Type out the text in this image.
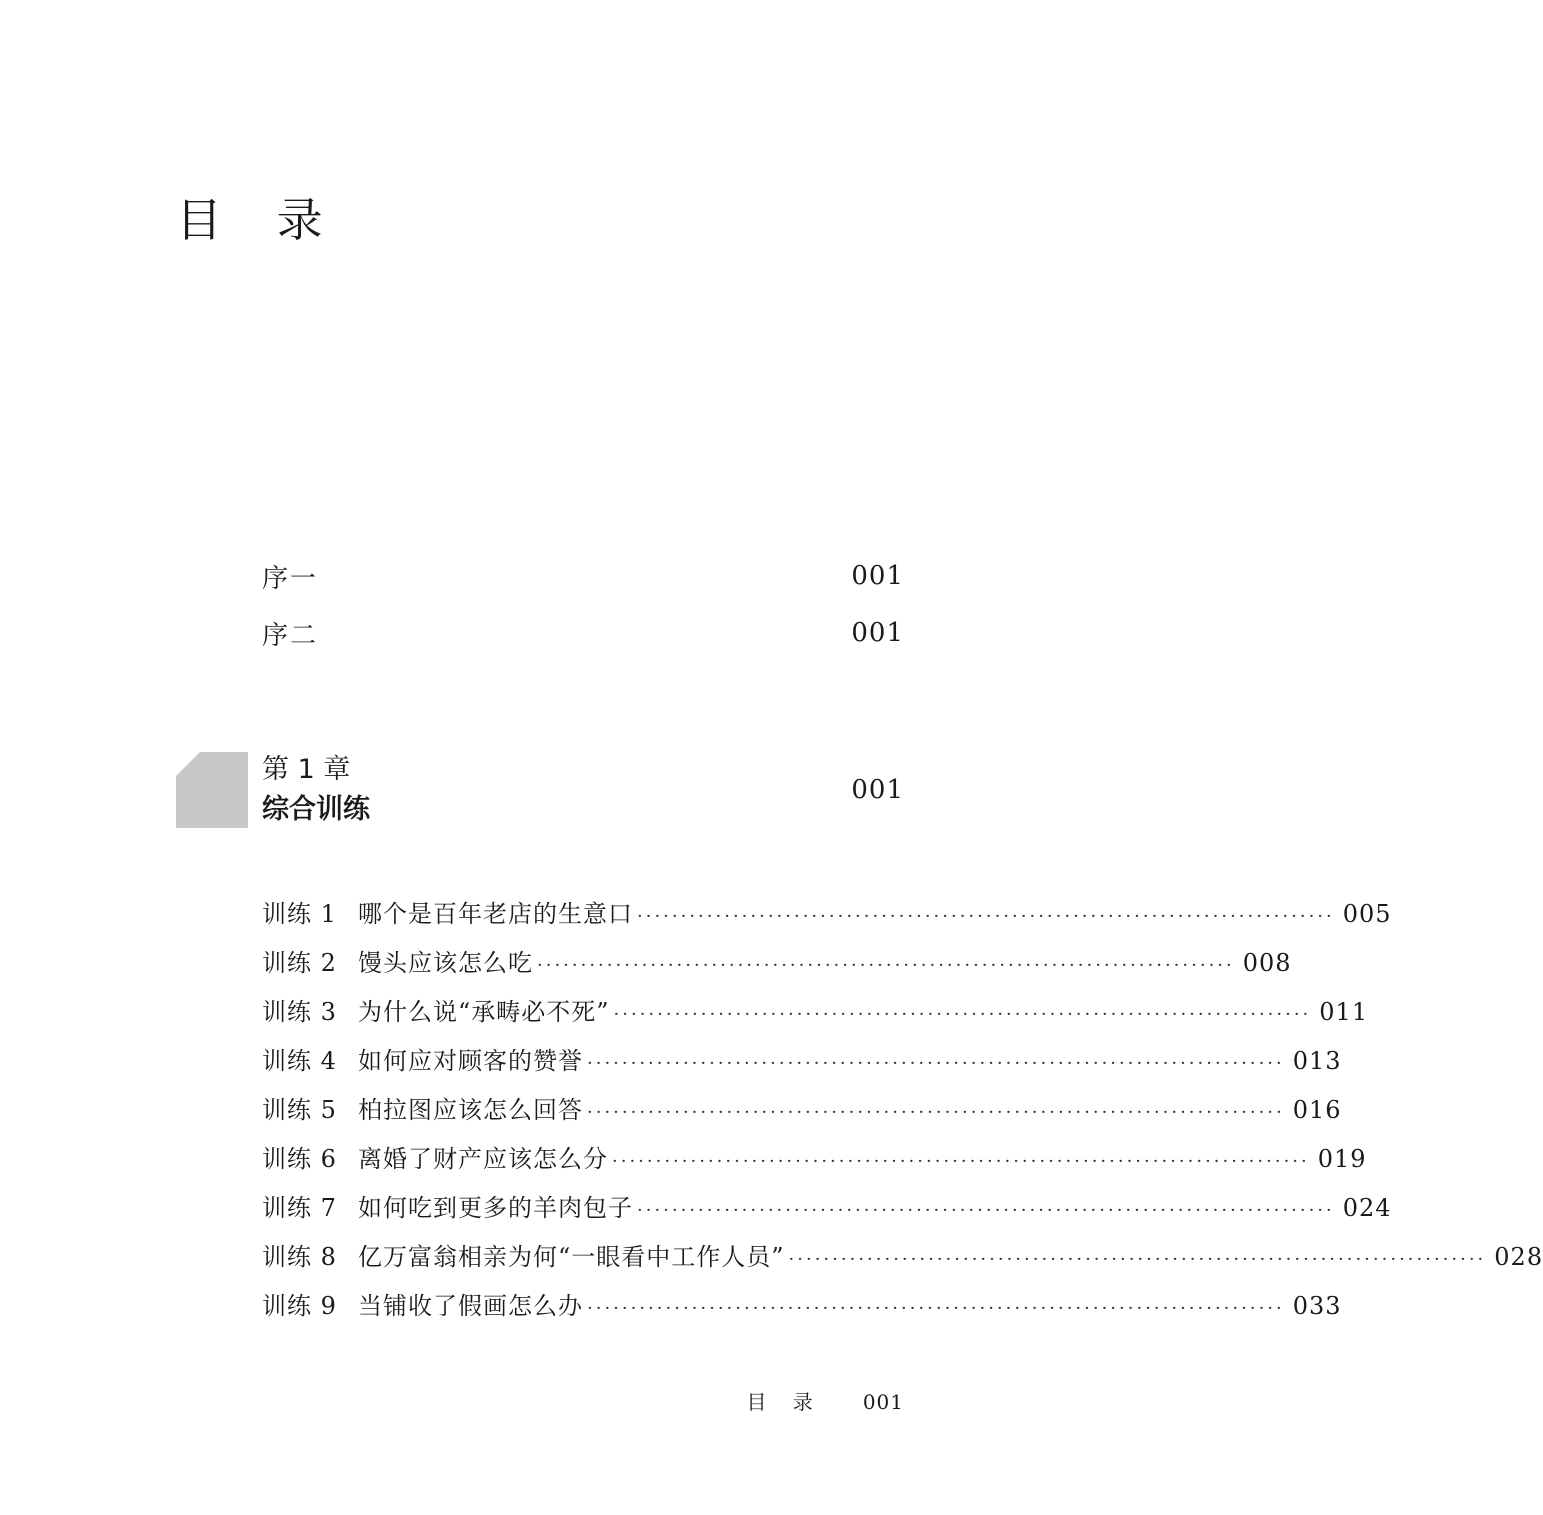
目 录
序一	001
序二	001
第 1 章
综合训练
001
训练 1 哪个是百年老店的生意口 ················································································ 005
训练 2 馒头应该怎么吃 ················································································ 008
训练 3 为什么说“承畴必不死” ················································································ 011
训练 4 如何应对顾客的赞誉 ················································································ 013
训练 5 柏拉图应该怎么回答 ················································································ 016
训练 6 离婚了财产应该怎么分 ················································································ 019
训练 7 如何吃到更多的羊肉包子 ················································································ 024
训练 8 亿万富翁相亲为何“一眼看中工作人员” ················································································ 028
训练 9 当铺收了假画怎么办 ················································································ 033
目 录 001
